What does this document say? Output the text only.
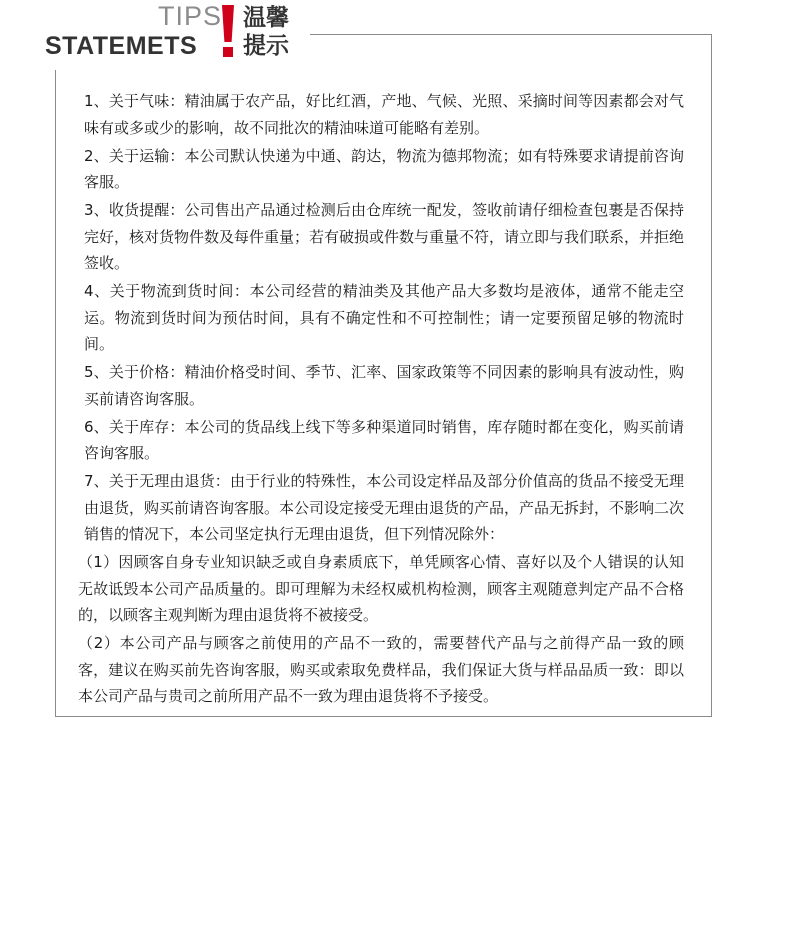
TIPS
STATEMETS
温馨
提示

1、关于气味：精油属于农产品，好比红酒，产地、气候、光照、采摘时间等因素都会对气味有或多或少的影响，故不同批次的精油味道可能略有差别。

2、关于运输：本公司默认快递为中通、韵达，物流为德邦物流；如有特殊要求请提前咨询客服。

3、收货提醒：公司售出产品通过检测后由仓库统一配发，签收前请仔细检查包裹是否保持完好，核对货物件数及每件重量；若有破损或件数与重量不符，请立即与我们联系，并拒绝签收。

4、关于物流到货时间：本公司经营的精油类及其他产品大多数均是液体，通常不能走空运。物流到货时间为预估时间，具有不确定性和不可控制性；请一定要预留足够的物流时间。

5、关于价格：精油价格受时间、季节、汇率、国家政策等不同因素的影响具有波动性，购买前请咨询客服。

6、关于库存：本公司的货品线上线下等多种渠道同时销售，库存随时都在变化，购买前请咨询客服。

7、关于无理由退货：由于行业的特殊性，本公司设定样品及部分价值高的货品不接受无理由退货，购买前请咨询客服。本公司设定接受无理由退货的产品，产品无拆封，不影响二次销售的情况下，本公司坚定执行无理由退货，但下列情况除外：

（1）因顾客自身专业知识缺乏或自身素质底下，单凭顾客心情、喜好以及个人错误的认知无故诋毁本公司产品质量的。即可理解为未经权威机构检测，顾客主观随意判定产品不合格的，以顾客主观判断为理由退货将不被接受。

（2）本公司产品与顾客之前使用的产品不一致的，需要替代产品与之前得产品一致的顾客，建议在购买前先咨询客服，购买或索取免费样品，我们保证大货与样品品质一致：即以本公司产品与贵司之前所用产品不一致为理由退货将不予接受。
